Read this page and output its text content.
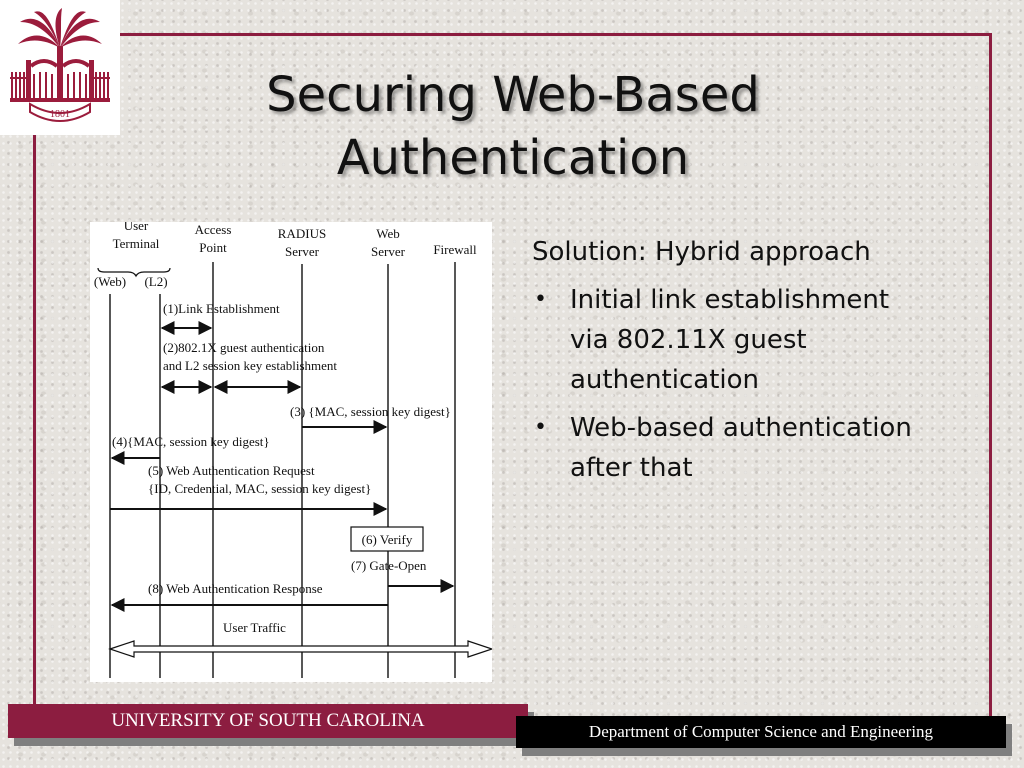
1801	Securing Web-Based
Authentication
User
Terminal
Access
Point
RADIUS
Server
Web
Server Firewall
(Web) (L2)
(1)Link Establishment
(2)802.1X guest authentication
and L2 session key establishment
(3) {MAC, session key digest}
(4){MAC, session key digest}
(5) Web Authentication Request
{ID, Credential, MAC, session key digest}
(6) Verify
(7) Gate-Open
(8) Web Authentication Response
User Traffic
Solution: Hybrid approach
• Initial link establishment via 802.11X guest authentication
• Web-based authentication after that
UNIVERSITY OF SOUTH CAROLINA
Department of Computer Science and Engineering
